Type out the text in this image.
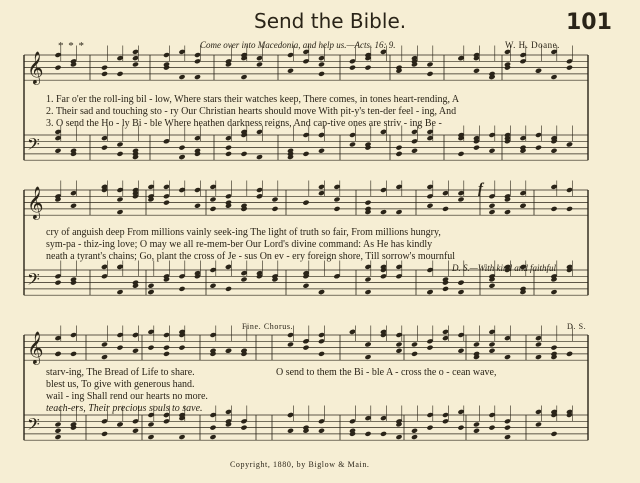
𝄞
𝄢
𝄞
𝄢
𝄞
𝄢
Send the Bible.	101
* * *	Come over into Macedonia, and help us.—Acts. 16: 9.	W. H. Doane.
1. Far o'er the roll-ing bil - low, Where stars their watches keep, There comes, in tones heart-rending, A
2. Their sad and touching sto - ry Our Christian hearts should move With pit-y's ten-der feel - ing, And
3. O send the Ho - ly Bi - ble Where heathen darkness reigns, And cap-tive ones are striv - ing Be -
f
cry of anguish deep From millions vainly seek-ing The light of truth so fair, From millions hungry,
sym-pa - thiz-ing love; O may we all re-mem-ber Our Lord's divine command: As He has kindly
neath a tyrant's chains; Go, plant the cross of Je - sus On ev - ery foreign shore, Till sorrow's mournful
D. S.—With kind and faithful
Fine. Chorus.	D. S.
starv-ing, The Bread of Life to share.
blest us, To give with generous hand.
wail - ing Shall rend our hearts no more.
teach-ers, Their precious souls to save.
O send to them the Bi - ble A - cross the o - cean wave,
Copyright, 1880, by Biglow & Main.
